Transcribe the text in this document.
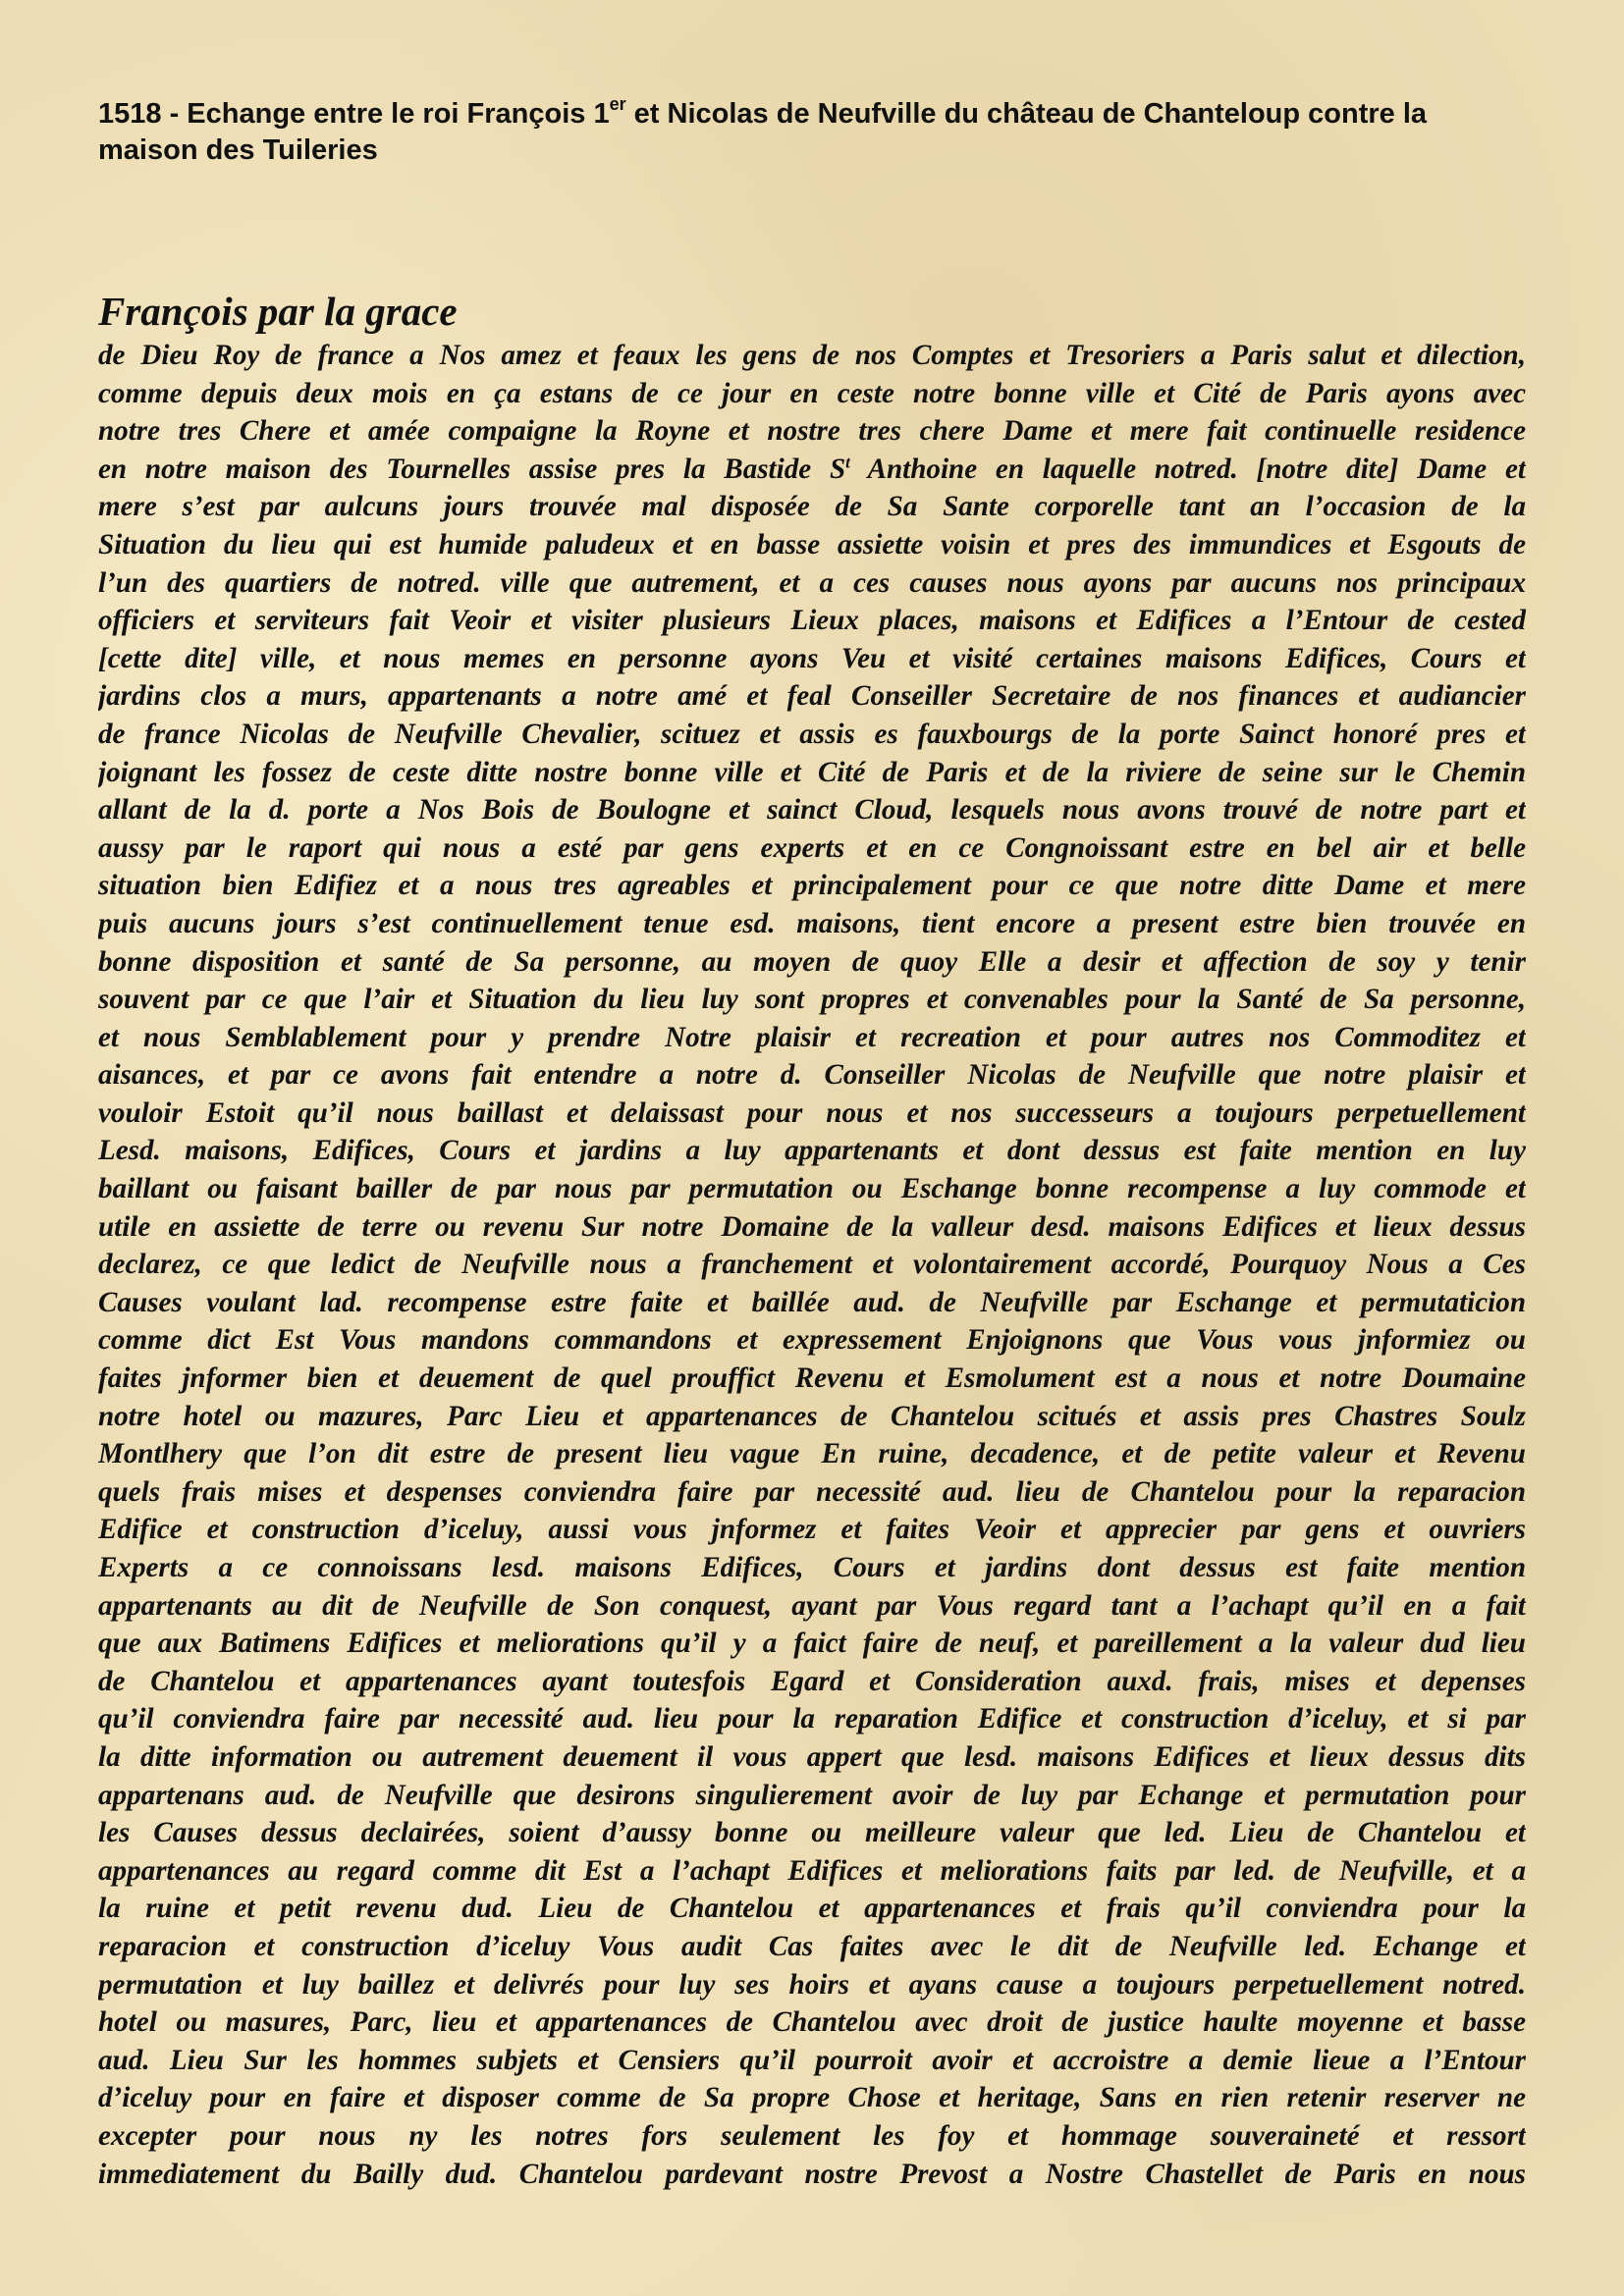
1518 - Echange entre le roi François 1er et Nicolas de Neufville du château de Chanteloup contre la maison des Tuileries
François par la grace
de Dieu Roy de france a Nos amez et feaux les gens de nos Comptes et Tresoriers a Paris salut et dilection,
comme depuis deux mois en ça estans de ce jour en ceste notre bonne ville et Cité de Paris ayons avec
notre tres Chere et amée compaigne la Royne et nostre tres chere Dame et mere fait continuelle residence
en notre maison des Tournelles assise pres la Bastide $S^t$ Anthoine en laquelle notred. [notre dite] Dame et
mere s’est par aulcuns jours trouvée mal disposée de Sa Sante corporelle tant an l’occasion de la
Situation du lieu qui est humide paludeux et en basse assiette voisin et pres des immundices et Esgouts de
l’un des quartiers de notred. ville que autrement, et a ces causes nous ayons par aucuns nos principaux
officiers et serviteurs fait Veoir et visiter plusieurs Lieux places, maisons et Edifices a l’Entour de cested
[cette dite] ville, et nous memes en personne ayons Veu et visité certaines maisons Edifices, Cours et
jardins clos a murs, appartenants a notre amé et feal Conseiller Secretaire de nos finances et audiancier
de france Nicolas de Neufville Chevalier, scituez et assis es fauxbourgs de la porte Sainct honoré pres et
joignant les fossez de ceste ditte nostre bonne ville et Cité de Paris et de la riviere de seine sur le Chemin
allant de la d. porte a Nos Bois de Boulogne et sainct Cloud, lesquels nous avons trouvé de notre part et
aussy par le raport qui nous a esté par gens experts et en ce Congnoissant estre en bel air et belle
situation bien Edifiez et a nous tres agreables et principalement pour ce que notre ditte Dame et mere
puis aucuns jours s’est continuellement tenue esd. maisons, tient encore a present estre bien trouvée en
bonne disposition et santé de Sa personne, au moyen de quoy Elle a desir et affection de soy y tenir
souvent par ce que l’air et Situation du lieu luy sont propres et convenables pour la Santé de Sa personne,
et nous Semblablement pour y prendre Notre plaisir et recreation et pour autres nos Commoditez et
aisances, et par ce avons fait entendre a notre d. Conseiller Nicolas de Neufville que notre plaisir et
vouloir Estoit qu’il nous baillast et delaissast pour nous et nos successeurs a toujours perpetuellement
Lesd. maisons, Edifices, Cours et jardins a luy appartenants et dont dessus est faite mention en luy
baillant ou faisant bailler de par nous par permutation ou Eschange bonne recompense a luy commode et
utile en assiette de terre ou revenu Sur notre Domaine de la valleur desd. maisons Edifices et lieux dessus
declarez, ce que ledict de Neufville nous a franchement et volontairement accordé, Pourquoy Nous a Ces
Causes voulant lad. recompense estre faite et baillée aud. de Neufville par Eschange et permutaticion
comme dict Est Vous mandons commandons et expressement Enjoignons que Vous vous jnformiez ou
faites jnformer bien et deuement de quel prouffict Revenu et Esmolument est a nous et notre Doumaine
notre hotel ou mazures, Parc Lieu et appartenances de Chantelou scitués et assis pres Chastres Soulz
Montlhery que l’on dit estre de present lieu vague En ruine, decadence, et de petite valeur et Revenu
quels frais mises et despenses conviendra faire par necessité aud. lieu de Chantelou pour la reparacion
Edifice et construction d’iceluy, aussi vous jnformez et faites Veoir et apprecier par gens et ouvriers
Experts a ce connoissans lesd. maisons Edifices, Cours et jardins dont dessus est faite mention
appartenants au dit de Neufville de Son conquest, ayant par Vous regard tant a l’achapt qu’il en a fait
que aux Batimens Edifices et meliorations qu’il y a faict faire de neuf, et pareillement a la valeur dud lieu
de Chantelou et appartenances ayant toutesfois Egard et Consideration auxd. frais, mises et depenses
qu’il conviendra faire par necessité aud. lieu pour la reparation Edifice et construction d’iceluy, et si par
la ditte information ou autrement deuement il vous appert que lesd. maisons Edifices et lieux dessus dits
appartenans aud. de Neufville que desirons singulierement avoir de luy par Echange et permutation pour
les Causes dessus declairées, soient d’aussy bonne ou meilleure valeur que led. Lieu de Chantelou et
appartenances au regard comme dit Est a l’achapt Edifices et meliorations faits par led. de Neufville, et a
la ruine et petit revenu dud. Lieu de Chantelou et appartenances et frais qu’il conviendra pour la
reparacion et construction d’iceluy Vous audit Cas faites avec le dit de Neufville led. Echange et
permutation et luy baillez et delivrés pour luy ses hoirs et ayans cause a toujours perpetuellement notred.
hotel ou masures, Parc, lieu et appartenances de Chantelou avec droit de justice haulte moyenne et basse
aud. Lieu Sur les hommes subjets et Censiers qu’il pourroit avoir et accroistre a demie lieue a l’Entour
d’iceluy pour en faire et disposer comme de Sa propre Chose et heritage, Sans en rien retenir reserver ne
excepter pour nous ny les notres fors seulement les foy et hommage souveraineté et ressort
immediatement du Bailly dud. Chantelou pardevant nostre Prevost a Nostre Chastellet de Paris en nous
